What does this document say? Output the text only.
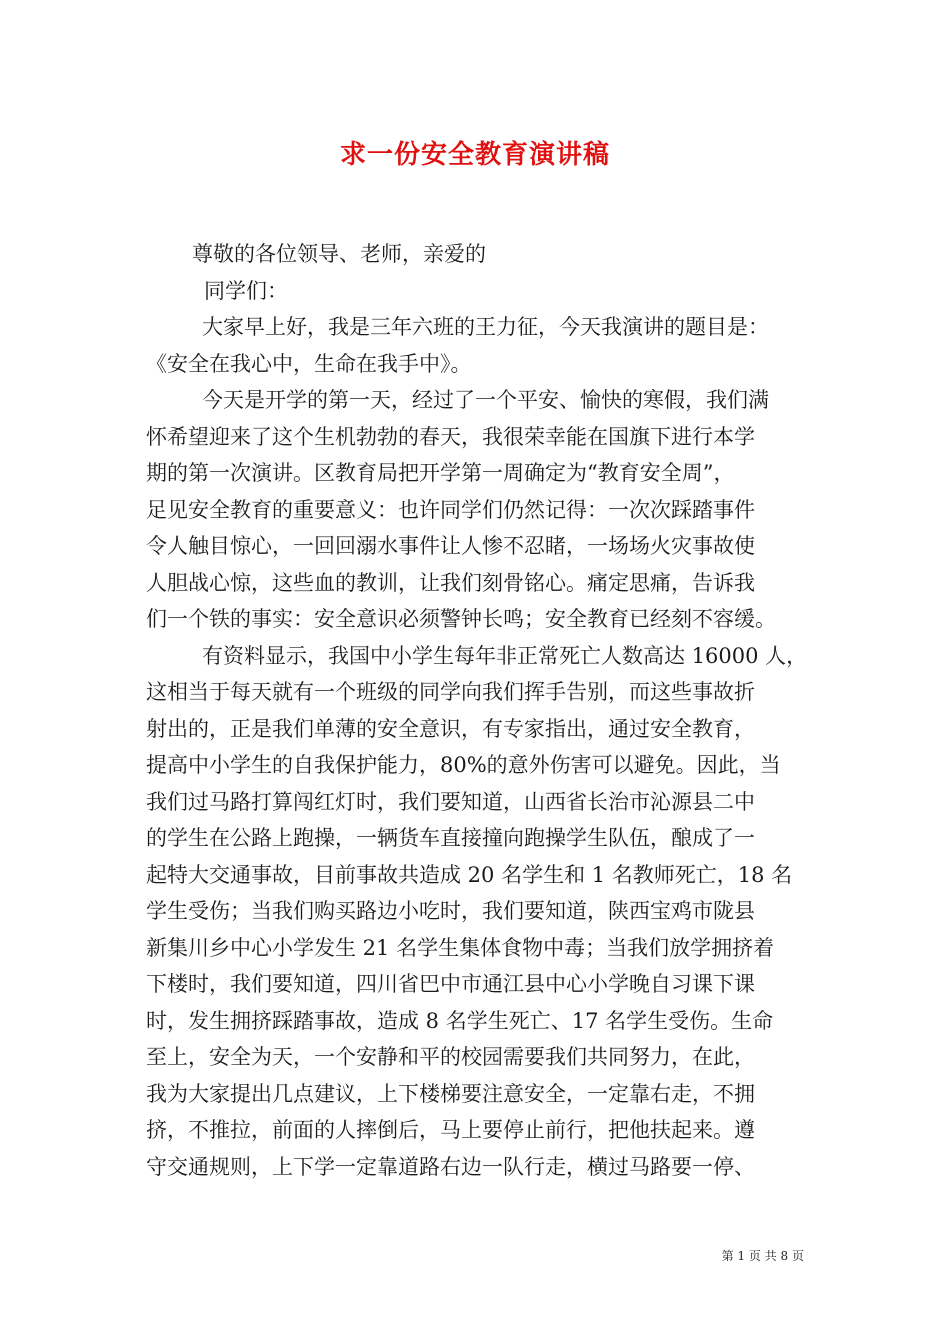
求一份安全教育演讲稿
尊敬的各位领导、老师，亲爱的
同学们：
大家早上好，我是三年六班的王力征，今天我演讲的题目是：
《安全在我心中，生命在我手中》。
今天是开学的第一天，经过了一个平安、愉快的寒假，我们满
怀希望迎来了这个生机勃勃的春天，我很荣幸能在国旗下进行本学
期的第一次演讲。区教育局把开学第一周确定为“教育安全周”，
足见安全教育的重要意义：也许同学们仍然记得：一次次踩踏事件
令人触目惊心，一回回溺水事件让人惨不忍睹，一场场火灾事故使
人胆战心惊，这些血的教训，让我们刻骨铭心。痛定思痛，告诉我
们一个铁的事实：安全意识必须警钟长鸣；安全教育已经刻不容缓。
有资料显示，我国中小学生每年非正常死亡人数高达 16000 人，
这相当于每天就有一个班级的同学向我们挥手告别，而这些事故折
射出的，正是我们单薄的安全意识，有专家指出，通过安全教育，
提高中小学生的自我保护能力，80%的意外伤害可以避免。因此，当
我们过马路打算闯红灯时，我们要知道，山西省长治市沁源县二中
的学生在公路上跑操，一辆货车直接撞向跑操学生队伍，酿成了一
起特大交通事故，目前事故共造成 20 名学生和 1 名教师死亡，18 名
学生受伤；当我们购买路边小吃时，我们要知道，陕西宝鸡市陇县
新集川乡中心小学发生 21 名学生集体食物中毒；当我们放学拥挤着
下楼时，我们要知道，四川省巴中市通江县中心小学晚自习课下课
时，发生拥挤踩踏事故，造成 8 名学生死亡、17 名学生受伤。生命
至上，安全为天，一个安静和平的校园需要我们共同努力，在此，
我为大家提出几点建议，上下楼梯要注意安全，一定靠右走，不拥
挤，不推拉，前面的人摔倒后，马上要停止前行，把他扶起来。遵
守交通规则，上下学一定靠道路右边一队行走，横过马路要一停、
第 1 页 共 8 页
